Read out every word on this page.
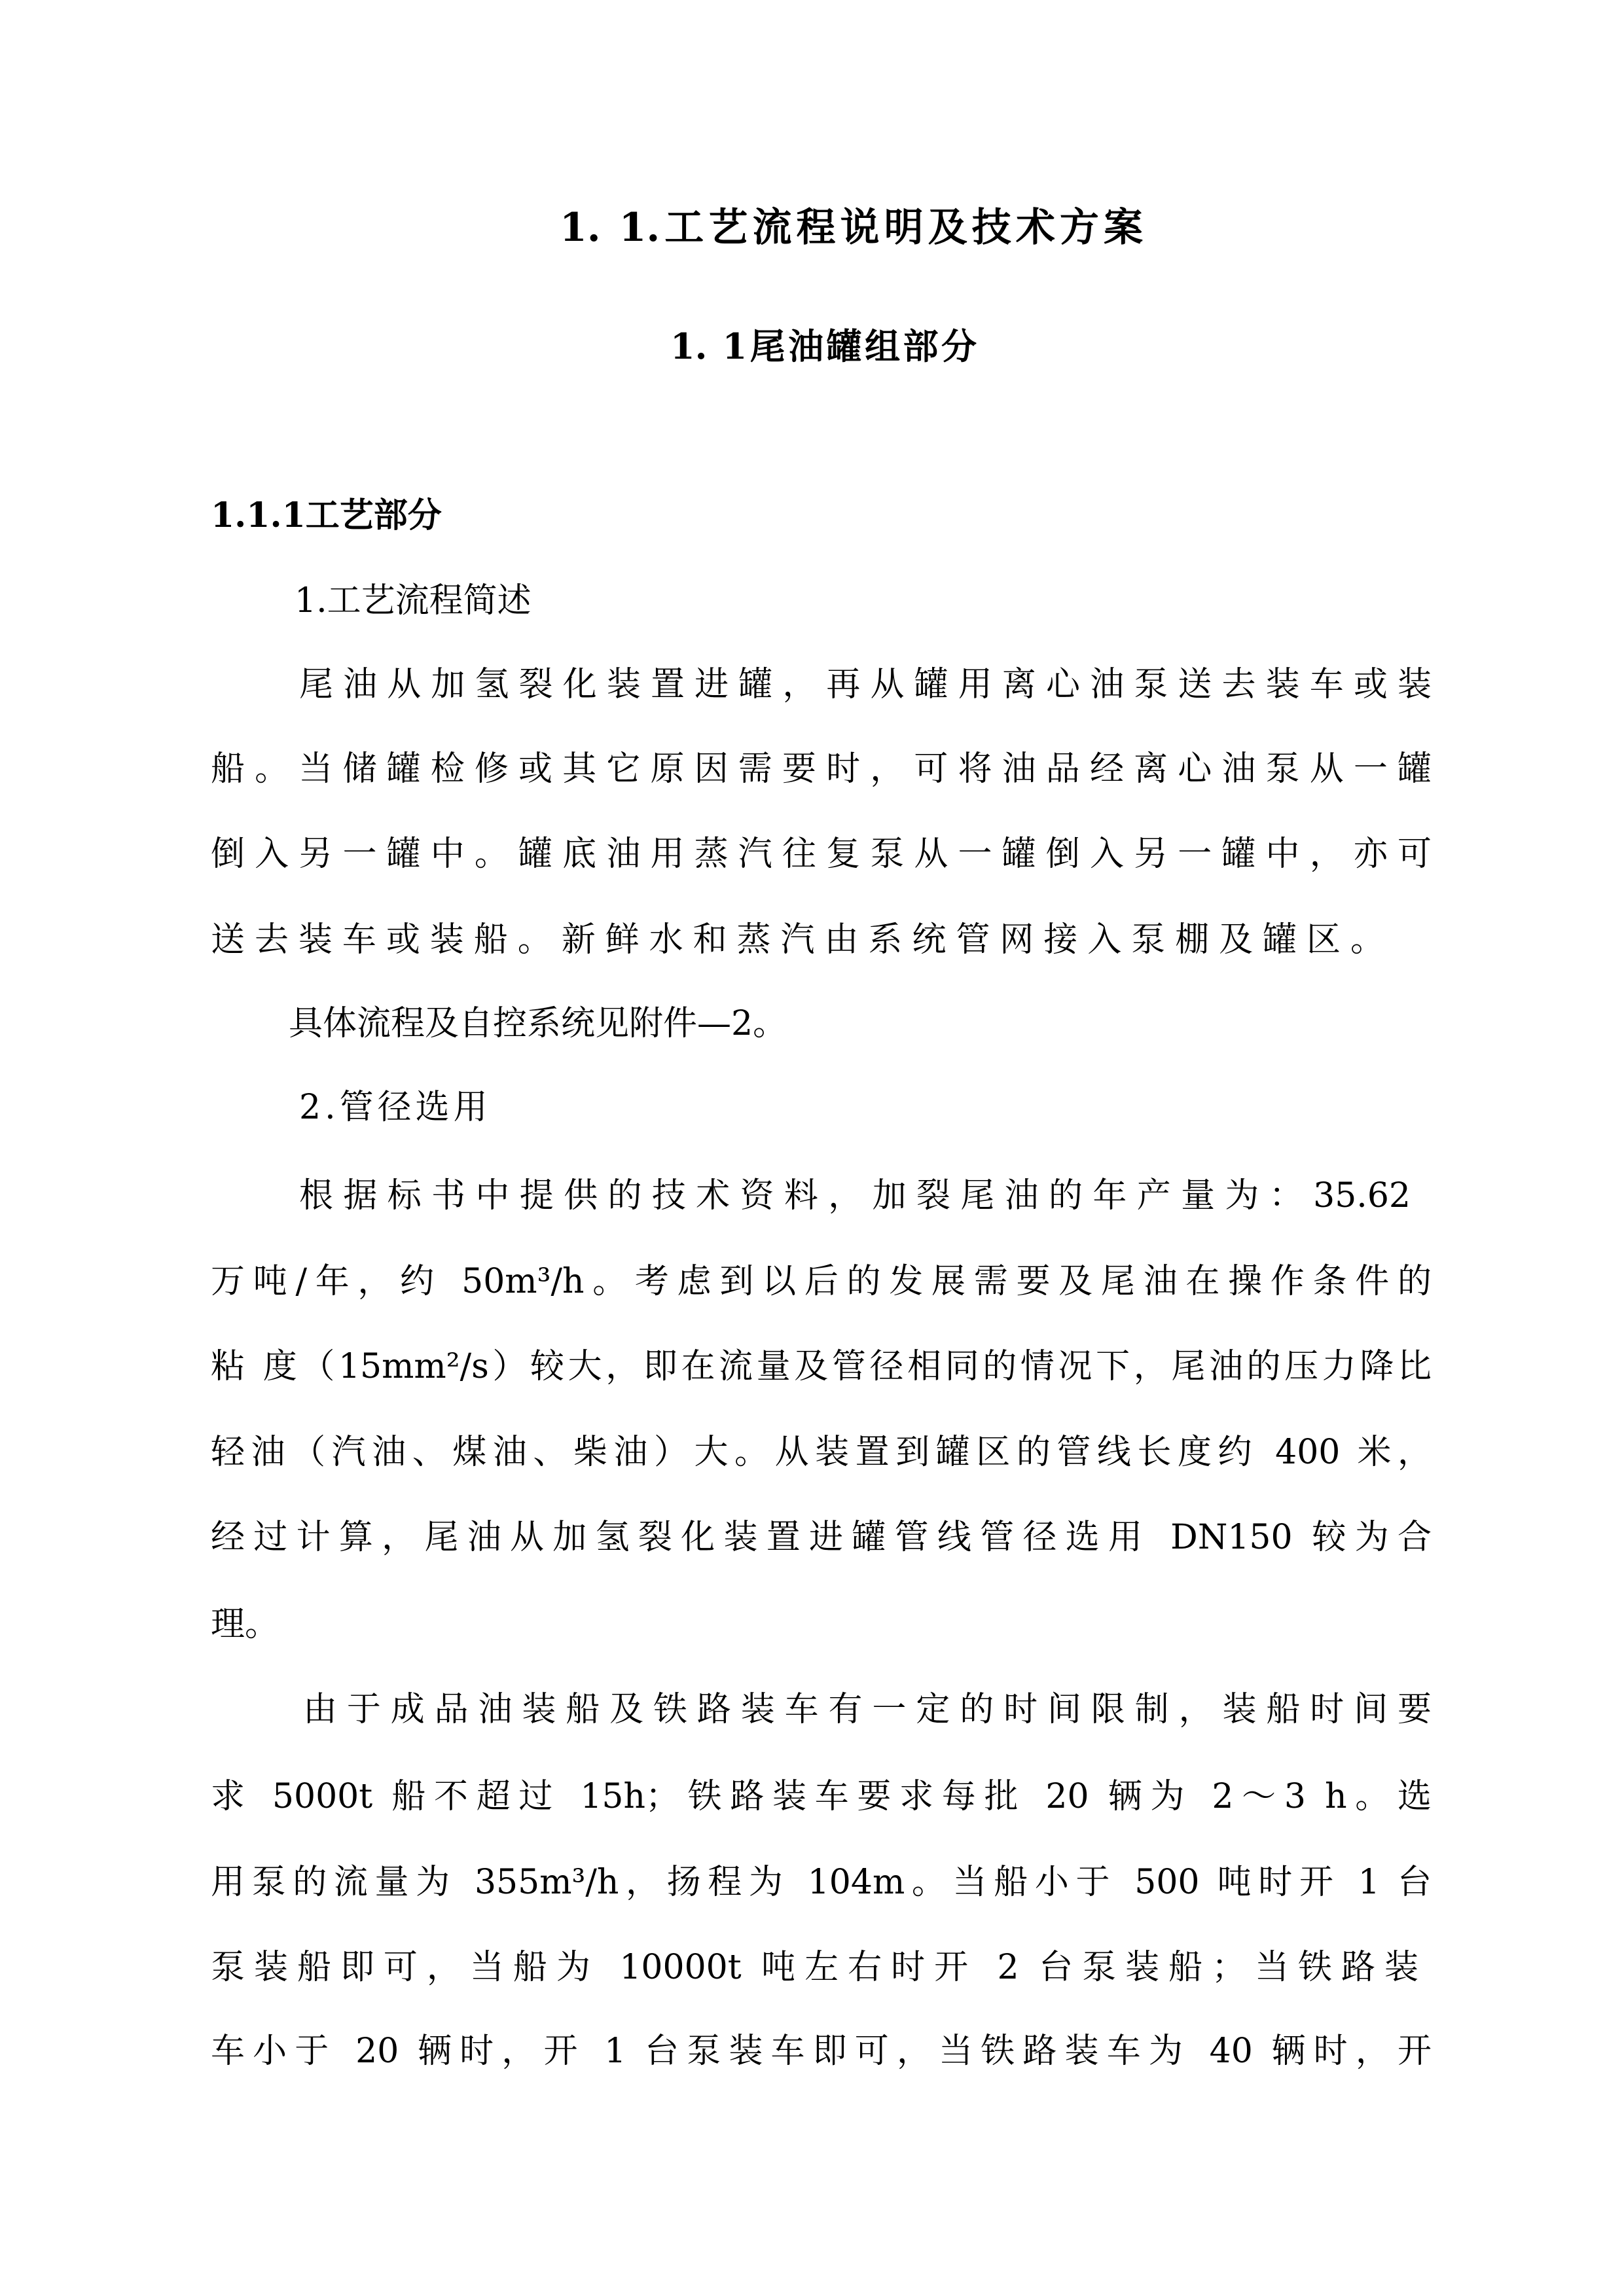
1. 1.工艺流程说明及技术方案
1. 1尾油罐组部分
1.1.1工艺部分
1.工艺流程简述
尾油从加氢裂化装置进罐，再从罐用离心油泵送去装车或装
船。当储罐检修或其它原因需要时，可将油品经离心油泵从一罐
倒入另一罐中。罐底油用蒸汽往复泵从一罐倒入另一罐中，亦可
送去装车或装船。新鲜水和蒸汽由系统管网接入泵棚及罐区。
具体流程及自控系统见附件—2。
2.管径选用
根据标书中提供的技术资料，加裂尾油的年产量为：35.62
万吨/年，约 50m³/h。考虑到以后的发展需要及尾油在操作条件的
粘 度（15mm²/s）较大，即在流量及管径相同的情况下，尾油的压力降比
轻油（汽油、煤油、柴油）大。从装置到罐区的管线长度约 400 米，
经过计算，尾油从加氢裂化装置进罐管线管径选用 DN150 较为合
理。
由于成品油装船及铁路装车有一定的时间限制，装船时间要
求 5000t 船不超过 15h；铁路装车要求每批 20 辆为 2～3 h。选
用泵的流量为 355m³/h，扬程为 104m。当船小于 500 吨时开 1 台
泵装船即可，当船为 10000t 吨左右时开 2 台泵装船；当铁路装
车小于 20 辆时，开 1 台泵装车即可，当铁路装车为 40 辆时，开
